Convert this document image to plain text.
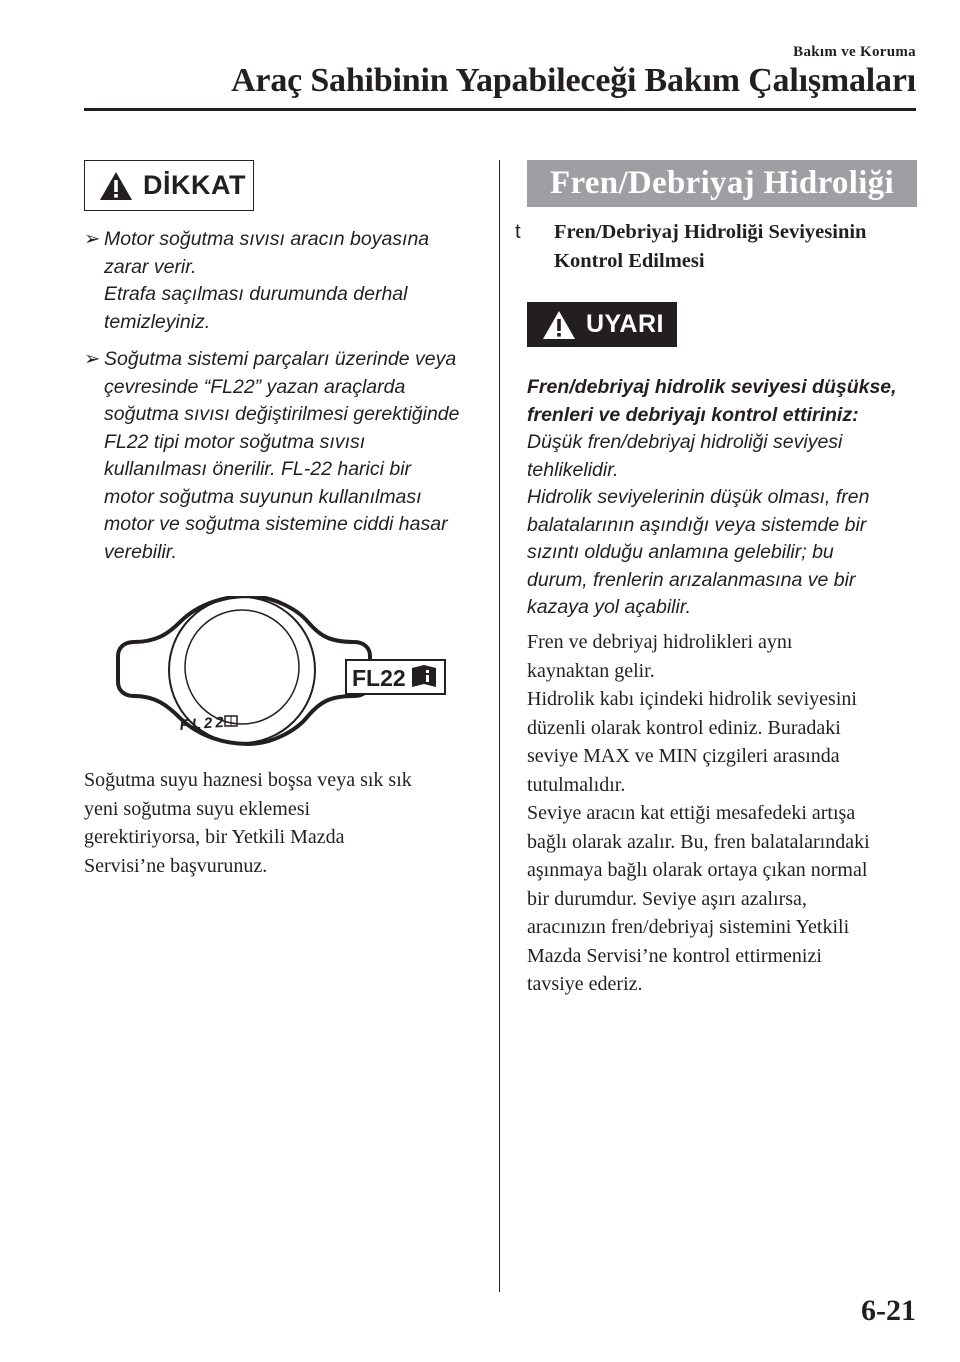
Bakım ve Koruma
Araç Sahibinin Yapabileceği Bakım Çalışmaları
DİKKAT
➢ Motor soğutma sıvısı aracın boyasına
zarar verir.
Etrafa saçılması durumunda derhal
temizleyiniz.
➢ Soğutma sistemi parçaları üzerinde veya
çevresinde “FL22” yazan araçlarda
soğutma sıvısı değiştirilmesi gerektiğinde
FL22 tipi motor soğutma sıvısı
kullanılması önerilir. FL-22 harici bir
motor soğutma suyunun kullanılması
motor ve soğutma sistemine ciddi hasar
verebilir.
FL22
FL22
Soğutma suyu haznesi boşsa veya sık sık
yeni soğutma suyu eklemesi
gerektiriyorsa, bir Yetkili Mazda
Servisi’ne başvurunuz.
Fren/Debriyaj Hidroliği
t	Fren/Debriyaj Hidroliği Seviyesinin
Kontrol Edilmesi
UYARI
Fren/debriyaj hidrolik seviyesi düşükse,
frenleri ve debriyajı kontrol ettiriniz:
Düşük fren/debriyaj hidroliği seviyesi
tehlikelidir.
Hidrolik seviyelerinin düşük olması, fren
balatalarının aşındığı veya sistemde bir
sızıntı olduğu anlamına gelebilir; bu
durum, frenlerin arızalanmasına ve bir
kazaya yol açabilir.
Fren ve debriyaj hidrolikleri aynı
kaynaktan gelir.
Hidrolik kabı içindeki hidrolik seviyesini
düzenli olarak kontrol ediniz. Buradaki
seviye MAX ve MIN çizgileri arasında
tutulmalıdır.
Seviye aracın kat ettiği mesafedeki artışa
bağlı olarak azalır. Bu, fren balatalarındaki
aşınmaya bağlı olarak ortaya çıkan normal
bir durumdur. Seviye aşırı azalırsa,
aracınızın fren/debriyaj sistemini Yetkili
Mazda Servisi’ne kontrol ettirmenizi
tavsiye ederiz.
6-21
